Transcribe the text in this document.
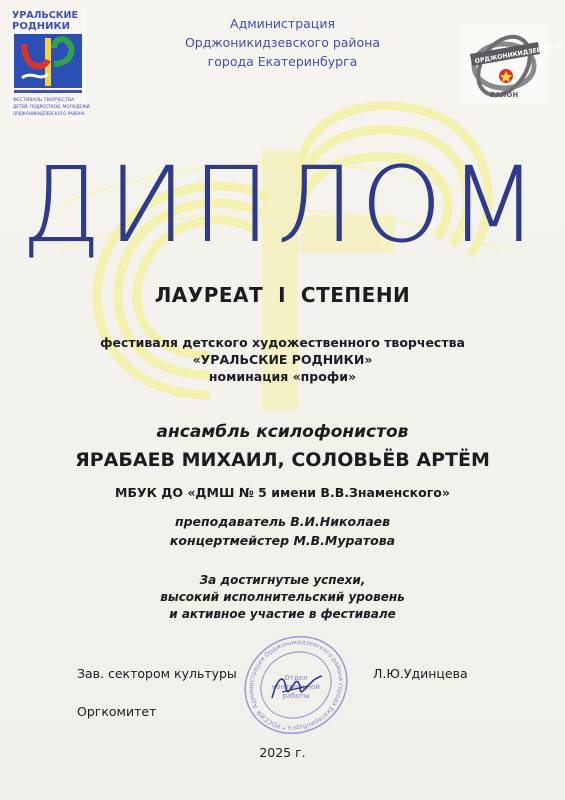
УРАЛЬСКИЕ
РОДНИКИ
ФЕСТИВАЛЬ ТВОРЧЕСТВА
ДЕТЕЙ, ПОДРОСТКОВ, МОЛОДЕЖИ
ОРДЖОНИКИДЗЕВСКОГО РАЙОНА
Администрация
Орджоникидзевского района
города Екатеринбурга	ОРДЖОНИКИДЗЕВСКИЙ
РАЙОН
ДИПЛОМ
ЛАУРЕАТ  I  СТЕПЕНИ
фестиваля детского художественного творчества
«УРАЛЬСКИЕ РОДНИКИ»
номинация «профи»
ансамбль ксилофонистов
ЯРАБАЕВ МИХАИЛ, СОЛОВЬЁВ АРТЁМ
МБУК ДО «ДМШ № 5 имени В.В.Знаменского»
преподаватель В.И.Николаев
концертмейстер М.В.Муратова
За достигнутые успехи,
высокий исполнительский уровень
и активное участие в фестивале
Администрация Орджоникидзевского района города Екатеринбурга * РОССИЯ
Отдел
контрольной
работы
Зав. сектором культуры	Л.Ю.Удинцева
Оргкомитет
2025 г.
